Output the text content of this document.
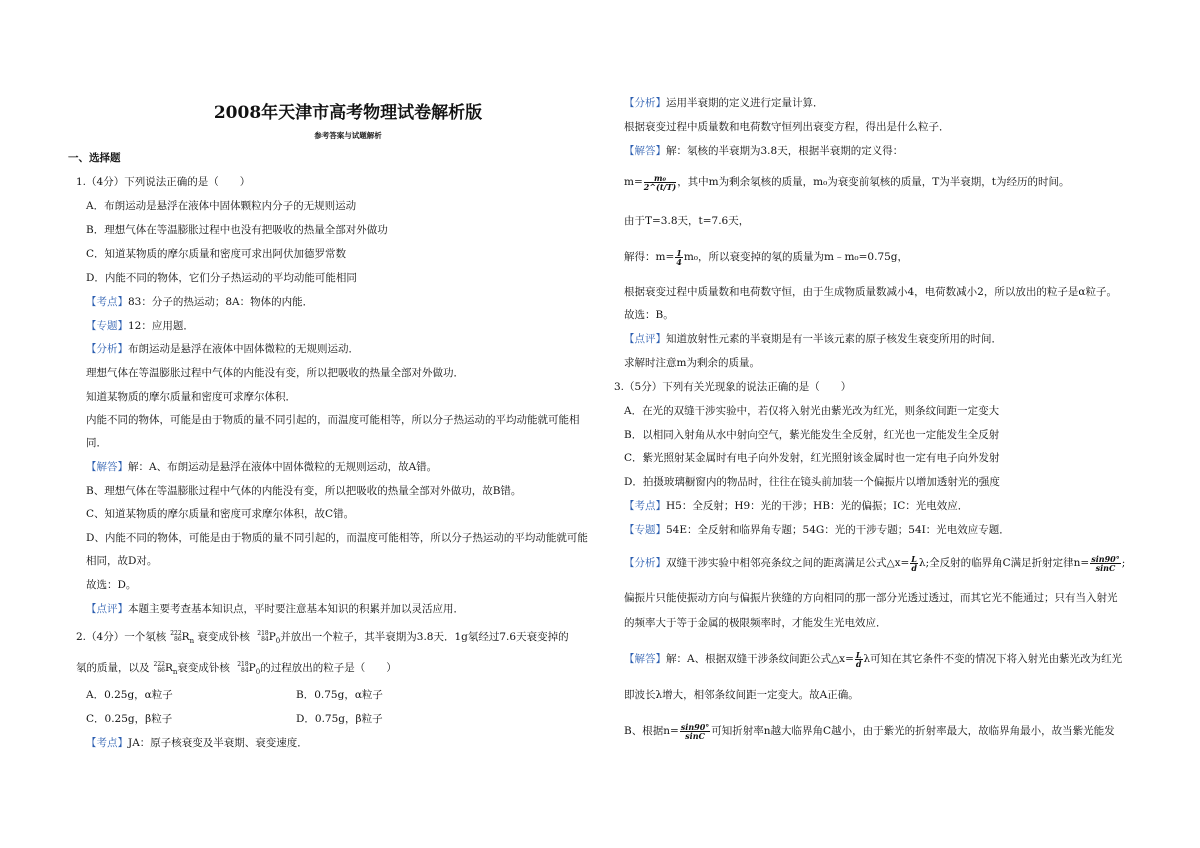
2008年天津市高考物理试卷解析版
参考答案与试题解析
一、选择题
1.（4分）下列说法正确的是（　　）
A．布朗运动是悬浮在液体中固体颗粒内分子的无规则运动
B．理想气体在等温膨胀过程中也没有把吸收的热量全部对外做功
C．知道某物质的摩尔质量和密度可求出阿伏加德罗常数
D．内能不同的物体，它们分子热运动的平均动能可能相同
【考点】83：分子的热运动；8A：物体的内能．
【专题】12：应用题．
【分析】布朗运动是悬浮在液体中固体微粒的无规则运动．
理想气体在等温膨胀过程中气体的内能没有变，所以把吸收的热量全部对外做功．
知道某物质的摩尔质量和密度可求摩尔体积．
内能不同的物体，可能是由于物质的量不同引起的，而温度可能相等，所以分子热运动的平均动能就可能相
同．
【解答】解：A、布朗运动是悬浮在液体中固体微粒的无规则运动，故A错。
B、理想气体在等温膨胀过程中气体的内能没有变，所以把吸收的热量全部对外做功，故B错。
C、知道某物质的摩尔质量和密度可求摩尔体积，故C错。
D、内能不同的物体，可能是由于物质的量不同引起的，而温度可能相等，所以分子热运动的平均动能就可能
相同，故D对。
故选：D。
【点评】本题主要考查基本知识点，平时要注意基本知识的积累并加以灵活应用．
2.（4分）一个氡核 222
86 $R_n$ 衰变成钋核 218
84 $P_0$并放出一个粒子，其半衰期为3.8天．1g氡经过7.6天衰变掉的
氡的质量，以及 222
86 $R_n$衰变成钋核 218
84 $P_0$的过程放出的粒子是（　　）
A．0.25g，α粒子	B．0.75g，α粒子
C．0.25g，β粒子	D．0.75g，β粒子
【考点】JA：原子核衰变及半衰期、衰变速度．
【分析】运用半衰期的定义进行定量计算．
根据衰变过程中质量数和电荷数守恒列出衰变方程，得出是什么粒子．
【解答】解：氡核的半衰期为3.8天，根据半衰期的定义得：
$m= \frac{\text{m₀}}{2\^{}(t/T)}$ ，其中m为剩余氡核的质量，m₀为衰变前氡核的质量，T为半衰期，t为经历的时间。
由于T=3.8天，t=7.6天，
解得：$m= \frac{1}{4} m_0$，所以衰变掉的氡的质量为m﹣m₀=0.75g，
根据衰变过程中质量数和电荷数守恒，由于生成物质量数减小4，电荷数减小2，所以放出的粒子是α粒子。
故选：B。
【点评】知道放射性元素的半衰期是有一半该元素的原子核发生衰变所用的时间．
求解时注意m为剩余的质量。
3.（5分）下列有关光现象的说法正确的是（　　）
A．在光的双缝干涉实验中，若仅将入射光由紫光改为红光，则条纹间距一定变大
B．以相同入射角从水中射向空气，紫光能发生全反射，红光也一定能发生全反射
C．紫光照射某金属时有电子向外发射，红光照射该金属时也一定有电子向外发射
D．拍摄玻璃橱窗内的物品时，往往在镜头前加装一个偏振片以增加透射光的强度
【考点】H5：全反射；H9：光的干涉；HB：光的偏振；IC：光电效应．
【专题】54E：全反射和临界角专题；54G：光的干涉专题；54I：光电效应专题．
【分析】双缝干涉实验中相邻亮条纹之间的距离满足公式△x= $\frac{L}{d} \lambda$;全反射的临界角C满足折射定律$n= \frac{\sin 90^\circ}{\sin C}$ ;
偏振片只能使振动方向与偏振片狭缝的方向相同的那一部分光透过透过，而其它光不能通过；只有当入射光
的频率大于等于金属的极限频率时，才能发生光电效应．
【解答】解：A、根据双缝干涉条纹间距公式△x= $\frac{L}{d}$ λ可知在其它条件不变的情况下将入射光由紫光改为红光
即波长λ增大，相邻条纹间距一定变大。故A正确。
B、根据$n= \frac{\sin 90^\circ}{\sin C}$ 可知折射率n越大临界角C越小，由于紫光的折射率最大，故临界角最小，故当紫光能发
